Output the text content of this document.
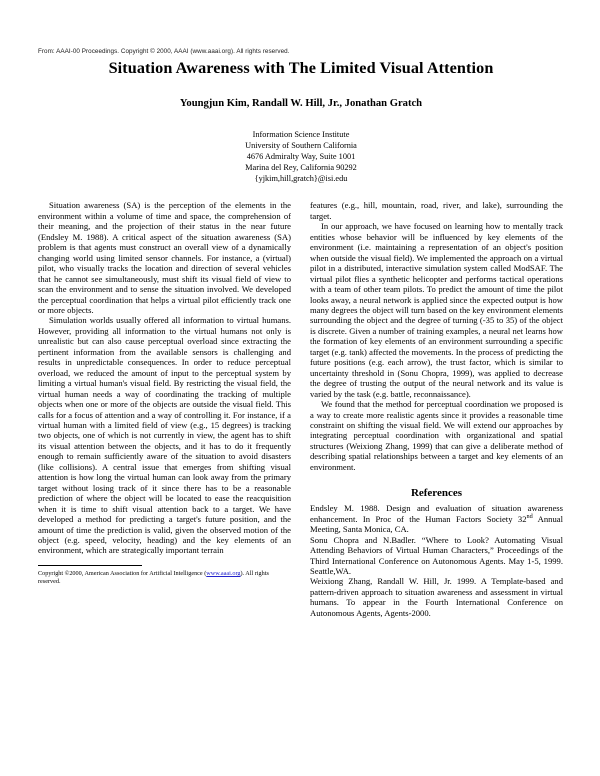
From: AAAI-00 Proceedings. Copyright © 2000, AAAI (www.aaai.org). All rights reserved.
Situation Awareness with The Limited Visual Attention
Youngjun Kim, Randall W. Hill, Jr., Jonathan Gratch
Information Science Institute
University of Southern California
4676 Admiralty Way, Suite 1001
Marina del Rey, California 90292
{yjkim,hill,gratch}@isi.edu

Situation awareness (SA) is the perception of the elements in the environment within a volume of time and space, the comprehension of their meaning, and the projection of their status in the near future (Endsley M. 1988). A critical aspect of the situation awareness (SA) problem is that agents must construct an overall view of a dynamically changing world using limited sensor channels. For instance, a (virtual) pilot, who visually tracks the location and direction of several vehicles that he cannot see simultaneously, must shift its visual field of view to scan the environment and to sense the situation involved. We developed the perceptual coordination that helps a virtual pilot efficiently track one or more objects.

Simulation worlds usually offered all information to virtual humans. However, providing all information to the virtual humans not only is unrealistic but can also cause perceptual overload since extracting the pertinent information from the available sensors is challenging and results in unpredictable consequences. In order to reduce perceptual overload, we reduced the amount of input to the perceptual system by limiting a virtual human's visual field. By restricting the visual field, the virtual human needs a way of coordinating the tracking of multiple objects when one or more of the objects are outside the visual field. This calls for a focus of attention and a way of controlling it. For instance, if a virtual human with a limited field of view (e.g., 15 degrees) is tracking two objects, one of which is not currently in view, the agent has to shift its visual attention between the objects, and it has to do it frequently enough to remain sufficiently aware of the situation to avoid disasters (like collisions). A central issue that emerges from shifting visual attention is how long the virtual human can look away from the primary target without losing track of it since there has to be a reasonable prediction of where the object will be located to ease the reacquisition when it is time to shift visual attention back to a target. We have developed a method for predicting a target's future position, and the amount of time the prediction is valid, given the observed motion of the object (e.g. speed, velocity, heading) and the key elements of an environment, which are strategically important terrain

Copyright ©2000, American Association for Artificial Intelligence (www.aaai.org). All rights reserved.

features (e.g., hill, mountain, road, river, and lake), surrounding the target.

In our approach, we have focused on learning how to mentally track entities whose behavior will be influenced by key elements of the environment (i.e. maintaining a representation of an object's position when outside the visual field). We implemented the approach on a virtual pilot in a distributed, interactive simulation system called ModSAF. The virtual pilot flies a synthetic helicopter and performs tactical operations with a team of other team pilots. To predict the amount of time the pilot looks away, a neural network is applied since the expected output is how many degrees the object will turn based on the key environment elements surrounding the object and the degree of turning (-35 to 35) of the object is discrete. Given a number of training examples, a neural net learns how the formation of key elements of an environment surrounding a specific target (e.g. tank) affected the movements. In the process of predicting the future positions (e.g. each arrow), the trust factor, which is similar to uncertainty threshold in (Sonu Chopra, 1999), was applied to decrease the degree of trusting the output of the neural network and its value is varied by the task (e.g. battle, reconnaissance).

We found that the method for perceptual coordination we proposed is a way to create more realistic agents since it provides a reasonable time constraint on shifting the visual field. We will extend our approaches by integrating perceptual coordination with organizational and spatial structures (Weixiong Zhang, 1999) that can give a deliberate method of describing spatial relationships between a target and key elements of an environment.

References

Endsley M. 1988. Design and evaluation of situation awareness enhancement. In Proc of the Human Factors Society 32nd Annual Meeting, Santa Monica, CA.

Sonu Chopra and N.Badler. “Where to Look? Automating Visual Attending Behaviors of Virtual Human Characters,” Proceedings of the Third International Conference on Autonomous Agents. May 1-5, 1999. Seattle,WA.

Weixiong Zhang, Randall W. Hill, Jr. 1999. A Template-based and pattern-driven approach to situation awareness and assessment in virtual humans. To appear in the Fourth International Conference on Autonomous Agents, Agents-2000.
